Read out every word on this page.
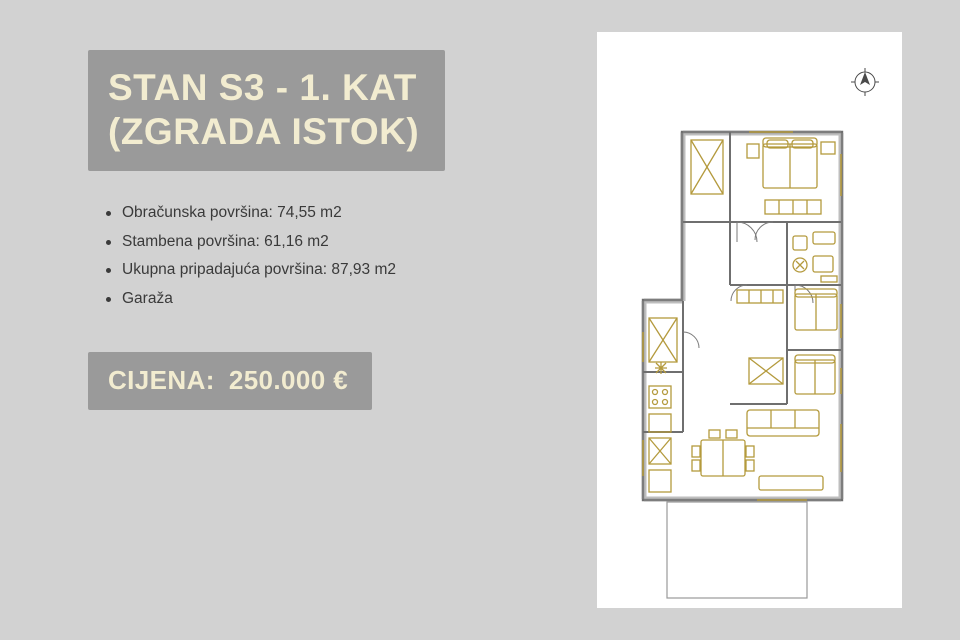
STAN S3 - 1. KAT
(ZGRADA ISTOK)
Obračunska površina: 74,55 m2
Stambena površina: 61,16 m2
Ukupna pripadajuća površina: 87,93 m2
Garaža
CIJENA: 250.000 €
